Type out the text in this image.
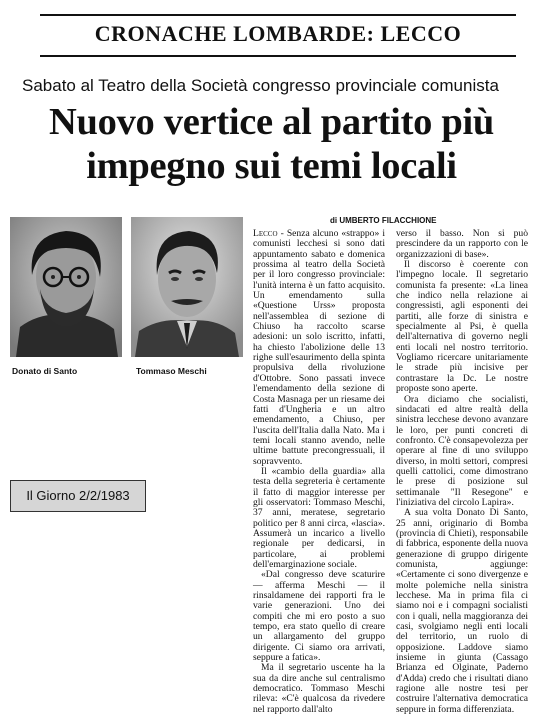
CRONACHE LOMBARDE: LECCO
Sabato al Teatro della Società congresso provinciale comunista
Nuovo vertice al partito più
impegno sui temi locali
di UMBERTO FILACCHIONE
Donato di Santo	Tommaso Meschi
Il Giorno 2/2/1983

Lecco - Senza alcuno «strappo» i comunisti lecchesi si sono dati appuntamento sabato e domenica prossima al teatro della Società per il loro congresso provinciale: l'unità interna è un fatto acquisito. Un emendamento sulla «Questione Urss» proposta nell'assemblea di sezione di Chiuso ha raccolto scarse adesioni: un solo iscritto, infatti, ha chiesto l'abolizione delle 13 righe sull'esaurimento della spinta propulsiva della rivoluzione d'Ottobre. Sono passati invece l'emendamento della sezione di Costa Masnaga per un riesame dei fatti d'Ungheria e un altro emendamento, a Chiuso, per l'uscita dell'Italia dalla Nato. Ma i temi locali stanno avendo, nelle ultime battute precongressuali, il sopravvento.

Il «cambio della guardia» alla testa della segreteria è certamente il fatto di maggior interesse per gli osservatori: Tommaso Meschi, 37 anni, meratese, segretario politico per 8 anni circa, «lascia». Assumerà un incarico a livello regionale per dedicarsi, in particolare, ai problemi dell'emarginazione sociale.

«Dal congresso deve scaturire — afferma Meschi — il rinsaldamene dei rapporti fra le varie generazioni. Uno dei compiti che mi ero posto a suo tempo, era stato quello di creare un allargamento del gruppo dirigente. Ci siamo ora arrivati, seppure a fatica».

Ma il segretario uscente ha la sua da dire anche sul centralismo democratico. Tommaso Meschi rileva: «C'è qualcosa da rivedere nel rapporto dall'alto

verso il basso. Non si può prescindere da un rapporto con le organizzazioni di base».

Il discorso è coerente con l'impegno locale. Il segretario comunista fa presente: «La linea che indico nella relazione ai congressisti, agli esponenti dei partiti, alle forze di sinistra e specialmente al Psi, è quella dell'alternativa di governo negli enti locali nel nostro territorio. Vogliamo ricercare unitariamente le strade più incisive per contrastare la Dc. Le nostre proposte sono aperte.

Ora diciamo che socialisti, sindacati ed altre realtà della sinistra lecchese devono avanzare le loro, per punti concreti di confronto. C'è consapevolezza per operare al fine di uno sviluppo diverso, in molti settori, compresi quelli cattolici, come dimostrano le prese di posizione sul settimanale "Il Resegone" e l'iniziativa del circolo Lapira».

A sua volta Donato Di Santo, 25 anni, originario di Bomba (provincia di Chieti), responsabile di fabbrica, esponente della nuova generazione di gruppo dirigente comunista, aggiunge: «Certamente ci sono divergenze e molte polemiche nella sinistra lecchese. Ma in prima fila ci siamo noi e i compagni socialisti con i quali, nella maggioranza dei casi, svolgiamo negli enti locali del territorio, un ruolo di opposizione. Laddove siamo insieme in giunta (Cassago Brianza ed Olginate, Paderno d'Adda) credo che i risultati diano ragione alle nostre tesi per costruire l'alternativa democratica seppure in forma differenziata.
